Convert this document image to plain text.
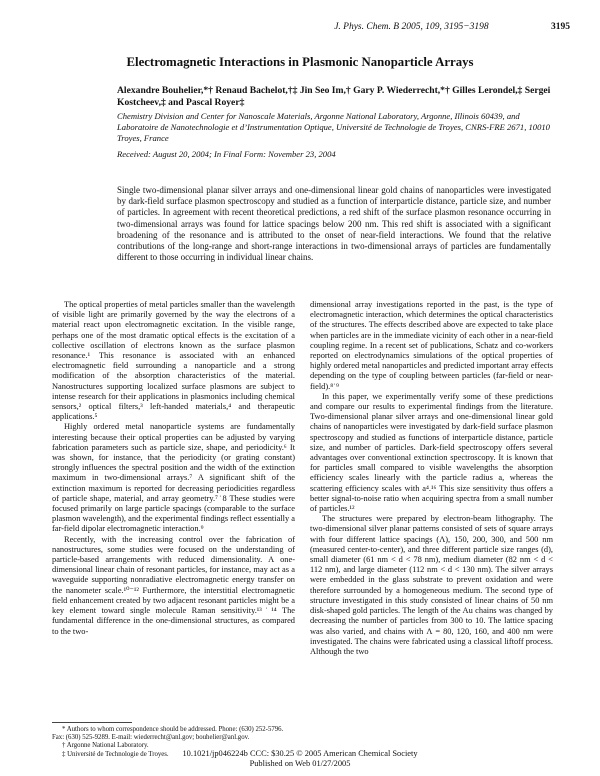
J. Phys. Chem. B 2005, 109, 3195−3198	3195
Electromagnetic Interactions in Plasmonic Nanoparticle Arrays
Alexandre Bouhelier,*† Renaud Bachelot,†‡ Jin Seo Im,† Gary P. Wiederrecht,*† Gilles Lerondel,‡ Sergei Kostcheev,‡ and Pascal Royer‡
Chemistry Division and Center for Nanoscale Materials, Argonne National Laboratory, Argonne, Illinois 60439, and Laboratoire de Nanotechnologie et d’Instrumentation Optique, Université de Technologie de Troyes, CNRS-FRE 2671, 10010 Troyes, France
Received: August 20, 2004; In Final Form: November 23, 2004
Single two-dimensional planar silver arrays and one-dimensional linear gold chains of nanoparticles were investigated by dark-field surface plasmon spectroscopy and studied as a function of interparticle distance, particle size, and number of particles. In agreement with recent theoretical predictions, a red shift of the surface plasmon resonance occurring in two-dimensional arrays was found for lattice spacings below 200 nm. This red shift is associated with a significant broadening of the resonance and is attributed to the onset of near-field interactions. We found that the relative contributions of the long-range and short-range interactions in two-dimensional arrays of particles are fundamentally different to those occurring in individual linear chains.

The optical properties of metal particles smaller than the wavelength of visible light are primarily governed by the way the electrons of a material react upon electromagnetic excitation. In the visible range, perhaps one of the most dramatic optical effects is the excitation of a collective oscillation of electrons known as the surface plasmon resonance.¹ This resonance is associated with an enhanced electromagnetic field surrounding a nanoparticle and a strong modification of the absorption characteristics of the material. Nanostructures supporting localized surface plasmons are subject to intense research for their applications in plasmonics including chemical sensors,² optical filters,³ left-handed materials,⁴ and therapeutic applications.⁵

Highly ordered metal nanoparticle systems are fundamentally interesting because their optical properties can be adjusted by varying fabrication parameters such as particle size, shape, and periodicity.⁶ It was shown, for instance, that the periodicity (or grating constant) strongly influences the spectral position and the width of the extinction maximum in two-dimensional arrays.⁷ A significant shift of the extinction maximum is reported for decreasing periodicities regardless of particle shape, material, and array geometry.⁷˙8 These studies were focused primarily on large particle spacings (comparable to the surface plasmon wavelength), and the experimental findings reflect essentially a far-field dipolar electromagnetic interaction.⁹

Recently, with the increasing control over the fabrication of nanostructures, some studies were focused on the understanding of particle-based arrangements with reduced dimensionality. A one-dimensional linear chain of resonant particles, for instance, may act as a waveguide supporting nonradiative electromagnetic energy transfer on the nanometer scale.¹⁰⁻¹² Furthermore, the interstitial electromagnetic field enhancement created by two adjacent resonant particles might be a key element toward single molecule Raman sensitivity.¹³˙¹⁴ The fundamental difference in the one-dimensional structures, as compared to the two-

dimensional array investigations reported in the past, is the type of electromagnetic interaction, which determines the optical characteristics of the structures. The effects described above are expected to take place when particles are in the immediate vicinity of each other in a near-field coupling regime. In a recent set of publications, Schatz and co-workers reported on electrodynamics simulations of the optical properties of highly ordered metal nanoparticles and predicted important array effects depending on the type of coupling between particles (far-field or near-field).⁸˙⁹

In this paper, we experimentally verify some of these predictions and compare our results to experimental findings from the literature. Two-dimensional planar silver arrays and one-dimensional linear gold chains of nanoparticles were investigated by dark-field surface plasmon spectroscopy and studied as functions of interparticle distance, particle size, and number of particles. Dark-field spectroscopy offers several advantages over conventional extinction spectroscopy. It is known that for particles small compared to visible wavelengths the absorption efficiency scales linearly with the particle radius a, whereas the scattering efficiency scales with a⁴.¹⁶ This size sensitivity thus offers a better signal-to-noise ratio when acquiring spectra from a small number of particles.¹²

The structures were prepared by electron-beam lithography. The two-dimensional silver planar patterns consisted of sets of square arrays with four different lattice spacings (Λ), 150, 200, 300, and 500 nm (measured center-to-center), and three different particle size ranges (d), small diameter (61 nm < d < 78 nm), medium diameter (82 nm < d < 112 nm), and large diameter (112 nm < d < 130 nm). The silver arrays were embedded in the glass substrate to prevent oxidation and were therefore surrounded by a homogeneous medium. The second type of structure investigated in this study consisted of linear chains of 50 nm disk-shaped gold particles. The length of the Au chains was changed by decreasing the number of particles from 300 to 10. The lattice spacing was also varied, and chains with Λ = 80, 120, 160, and 400 nm were investigated. The chains were fabricated using a classical liftoff process. Although the two

* Authors to whom correspondence should be addressed. Phone: (630) 252-5796. Fax: (630) 525-9289. E-mail: wiederrecht@anl.gov; bouhelier@anl.gov.
† Argonne National Laboratory.
‡ Université de Technologie de Troyes.	10.1021/jp046224b CCC: $30.25 © 2005 American Chemical Society
Published on Web 01/27/2005
